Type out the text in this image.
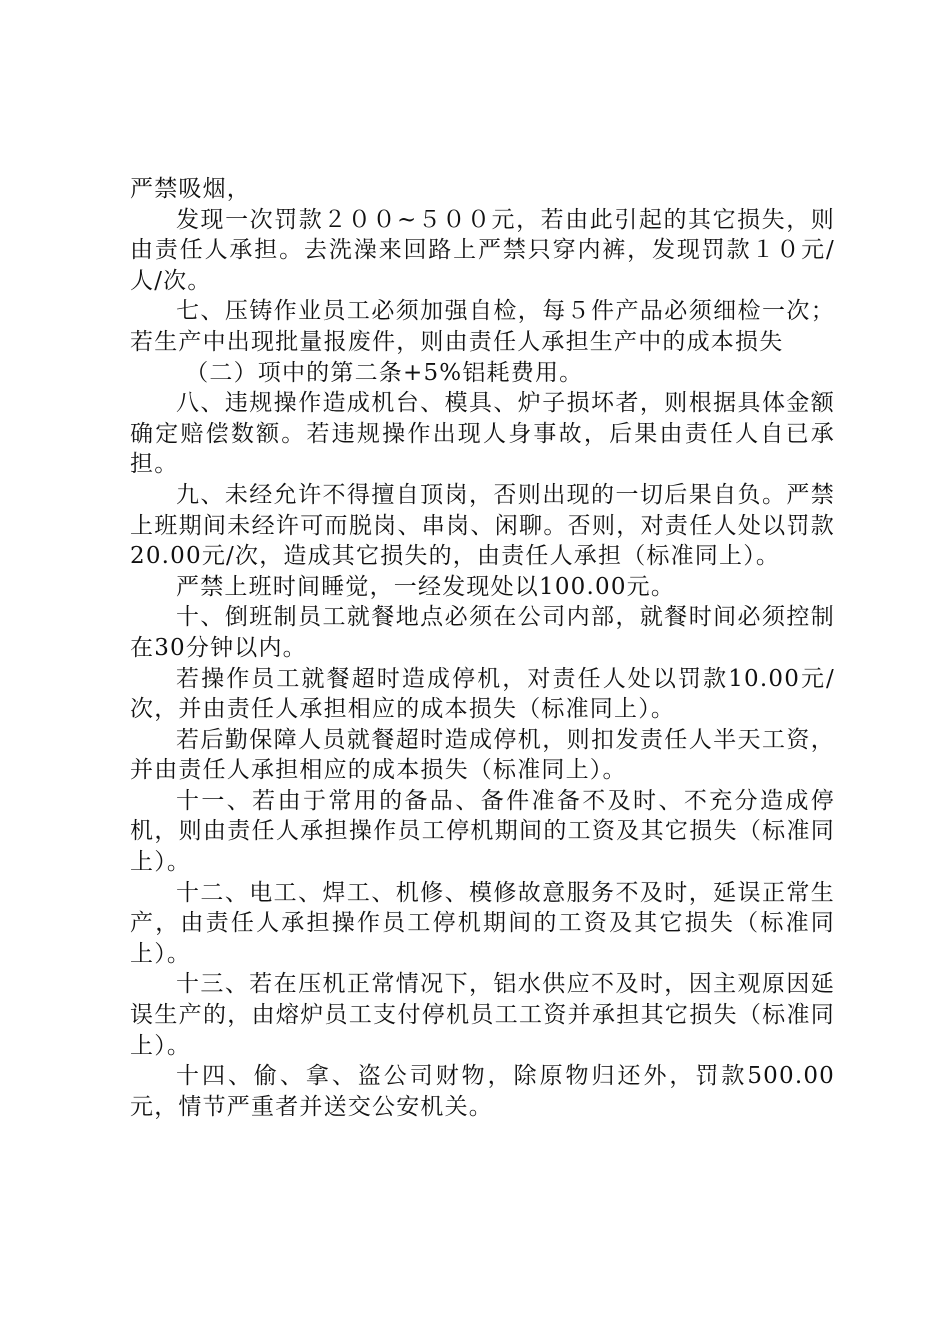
严禁吸烟，

发现一次罚款２００~５００元，若由此引起的其它损失，则由责任人承担。去洗澡来回路上严禁只穿内裤，发现罚款１０元/人/次。

七、压铸作业员工必须加强自检，每５件产品必须细检一次；若生产中出现批量报废件，则由责任人承担生产中的成本损失

（二）项中的第二条+5%铝耗费用。

八、违规操作造成机台、模具、炉子损坏者，则根据具体金额确定赔偿数额。若违规操作出现人身事故，后果由责任人自已承担。

九、未经允许不得擅自顶岗，否则出现的一切后果自负。严禁上班期间未经许可而脱岗、串岗、闲聊。否则，对责任人处以罚款20.00元/次，造成其它损失的，由责任人承担（标准同上）。

严禁上班时间睡觉，一经发现处以100.00元。

十、倒班制员工就餐地点必须在公司内部，就餐时间必须控制在30分钟以内。

若操作员工就餐超时造成停机，对责任人处以罚款10.00元/次，并由责任人承担相应的成本损失（标准同上）。

若后勤保障人员就餐超时造成停机，则扣发责任人半天工资，并由责任人承担相应的成本损失（标准同上）。

十一、若由于常用的备品、备件准备不及时、不充分造成停机，则由责任人承担操作员工停机期间的工资及其它损失（标准同上）。

十二、电工、焊工、机修、模修故意服务不及时，延误正常生产，由责任人承担操作员工停机期间的工资及其它损失（标准同上）。

十三、若在压机正常情况下，铝水供应不及时，因主观原因延误生产的，由熔炉员工支付停机员工工资并承担其它损失（标准同上）。

十四、偷、拿、盗公司财物，除原物归还外，罚款500.00元，情节严重者并送交公安机关。
